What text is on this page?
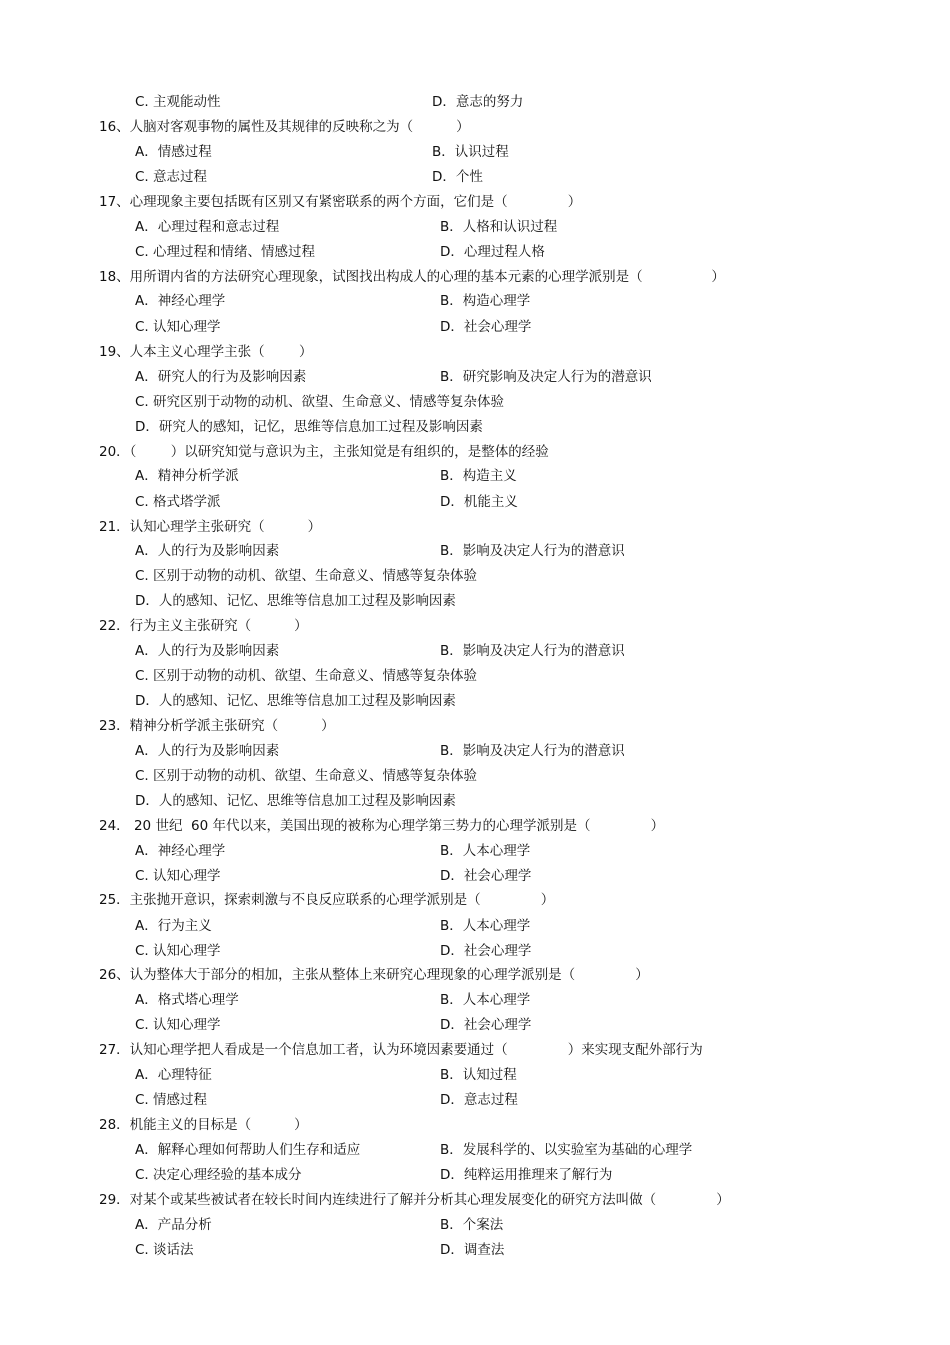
C. 主观能动性	D．意志的努力
16、人脑对客观事物的属性及其规律的反映称之为（          ）
A．情感过程	B．认识过程
C. 意志过程	D．个性
17、心理现象主要包括既有区别又有紧密联系的两个方面，它们是（              ）
A．心理过程和意志过程	B．人格和认识过程
C. 心理过程和情绪、情感过程	D．心理过程人格
18、用所谓内省的方法研究心理现象，试图找出构成人的心理的基本元素的心理学派别是（                ）
A．神经心理学	B．构造心理学
C. 认知心理学	D．社会心理学
19、人本主义心理学主张（        ）
A．研究人的行为及影响因素	B．研究影响及决定人行为的潜意识
C. 研究区别于动物的动机、欲望、生命意义、情感等复杂体验
D．研究人的感知，记忆，思维等信息加工过程及影响因素
20．（        ）以研究知觉与意识为主，主张知觉是有组织的，是整体的经验
A．精神分析学派	B．构造主义
C. 格式塔学派	D．机能主义
21．认知心理学主张研究（          ）
A．人的行为及影响因素	B．影响及决定人行为的潜意识
C. 区别于动物的动机、欲望、生命意义、情感等复杂体验
D．人的感知、记忆、思维等信息加工过程及影响因素
22．行为主义主张研究（          ）
A．人的行为及影响因素	B．影响及决定人行为的潜意识
C. 区别于动物的动机、欲望、生命意义、情感等复杂体验
D．人的感知、记忆、思维等信息加工过程及影响因素
23．精神分析学派主张研究（          ）
A．人的行为及影响因素	B．影响及决定人行为的潜意识
C. 区别于动物的动机、欲望、生命意义、情感等复杂体验
D．人的感知、记忆、思维等信息加工过程及影响因素
24． 20 世纪  60 年代以来，美国出现的被称为心理学第三势力的心理学派别是（              ）
A．神经心理学	B．人本心理学
C. 认知心理学	D．社会心理学
25．主张抛开意识，探索刺激与不良反应联系的心理学派别是（              ）
A．行为主义	B．人本心理学
C. 认知心理学	D．社会心理学
26、认为整体大于部分的相加，主张从整体上来研究心理现象的心理学派别是（              ）
A．格式塔心理学	B．人本心理学
C. 认知心理学	D．社会心理学
27．认知心理学把人看成是一个信息加工者，认为环境因素要通过（              ）来实现支配外部行为
A．心理特征	B．认知过程
C. 情感过程	D．意志过程
28．机能主义的目标是（          ）
A．解释心理如何帮助人们生存和适应	B．发展科学的、以实验室为基础的心理学
C. 决定心理经验的基本成分	D．纯粹运用推理来了解行为
29．对某个或某些被试者在较长时间内连续进行了解并分析其心理发展变化的研究方法叫做（              ）
A．产品分析	B．个案法
C. 谈话法	D．调查法
